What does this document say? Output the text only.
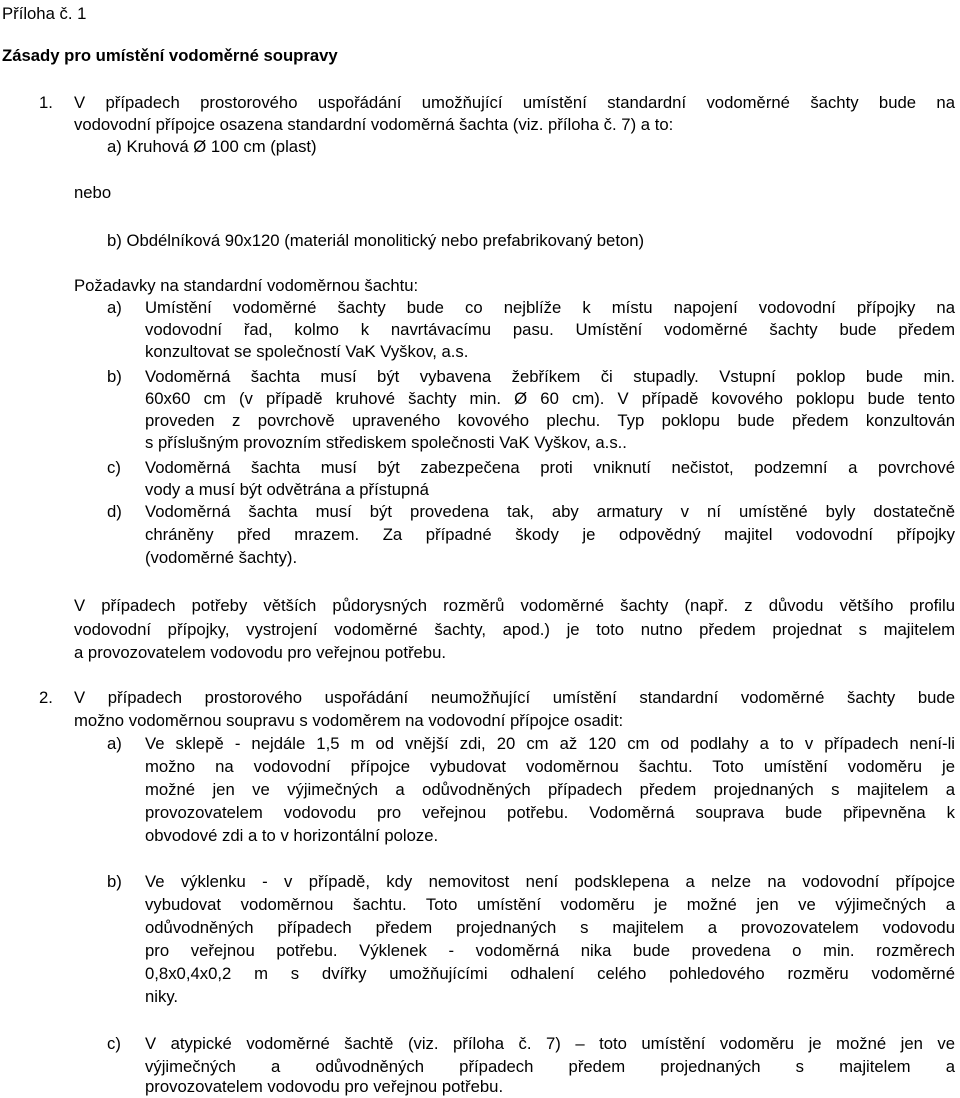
Příloha č. 1
Zásady pro umístění vodoměrné soupravy
1. V případech prostorového uspořádání umožňující umístění standardní vodoměrné šachty bude na
vodovodní přípojce osazena standardní vodoměrná šachta (viz. příloha č. 7) a to:
a) Kruhová Ø 100 cm (plast)
nebo
b) Obdélníková 90x120 (materiál monolitický nebo prefabrikovaný beton)
Požadavky na standardní vodoměrnou šachtu:
a) Umístění vodoměrné šachty bude co nejblíže k místu napojení vodovodní přípojky na
vodovodní řad, kolmo k navrtávacímu pasu. Umístění vodoměrné šachty bude předem
konzultovat se společností VaK Vyškov, a.s.
b) Vodoměrná šachta musí být vybavena žebříkem či stupadly. Vstupní poklop bude min.
60x60 cm (v případě kruhové šachty min. Ø 60 cm). V případě kovového poklopu bude tento
proveden z povrchově upraveného kovového plechu. Typ poklopu bude předem konzultován
s příslušným provozním střediskem společnosti VaK Vyškov, a.s..
c) Vodoměrná šachta musí být zabezpečena proti vniknutí nečistot, podzemní a povrchové
vody a musí být odvětrána a přístupná
d) Vodoměrná šachta musí být provedena tak, aby armatury v ní umístěné byly dostatečně
chráněny před mrazem. Za případné škody je odpovědný majitel vodovodní přípojky
(vodoměrné šachty).
V případech potřeby větších půdorysných rozměrů vodoměrné šachty (např. z důvodu většího profilu
vodovodní přípojky, vystrojení vodoměrné šachty, apod.) je toto nutno předem projednat s majitelem
a provozovatelem vodovodu pro veřejnou potřebu.
2. V případech prostorového uspořádání neumožňující umístění standardní vodoměrné šachty bude
možno vodoměrnou soupravu s vodoměrem na vodovodní přípojce osadit:
a) Ve sklepě - nejdále 1,5 m od vnější zdi, 20 cm až 120 cm od podlahy a to v případech není-li
možno na vodovodní přípojce vybudovat vodoměrnou šachtu. Toto umístění vodoměru je
možné jen ve výjimečných a odůvodněných případech předem projednaných s majitelem a
provozovatelem vodovodu pro veřejnou potřebu. Vodoměrná souprava bude připevněna k
obvodové zdi a to v horizontální poloze.
b) Ve výklenku - v případě, kdy nemovitost není podsklepena a nelze na vodovodní přípojce
vybudovat vodoměrnou šachtu. Toto umístění vodoměru je možné jen ve výjimečných a
odůvodněných případech předem projednaných s majitelem a provozovatelem vodovodu
pro veřejnou potřebu. Výklenek - vodoměrná nika bude provedena o min. rozměrech
0,8x0,4x0,2 m s dvířky umožňujícími odhalení celého pohledového rozměru vodoměrné
niky.
c) V atypické vodoměrné šachtě (viz. příloha č. 7) – toto umístění vodoměru je možné jen ve
výjimečných a odůvodněných případech předem projednaných s majitelem a
provozovatelem vodovodu pro veřejnou potřebu.
